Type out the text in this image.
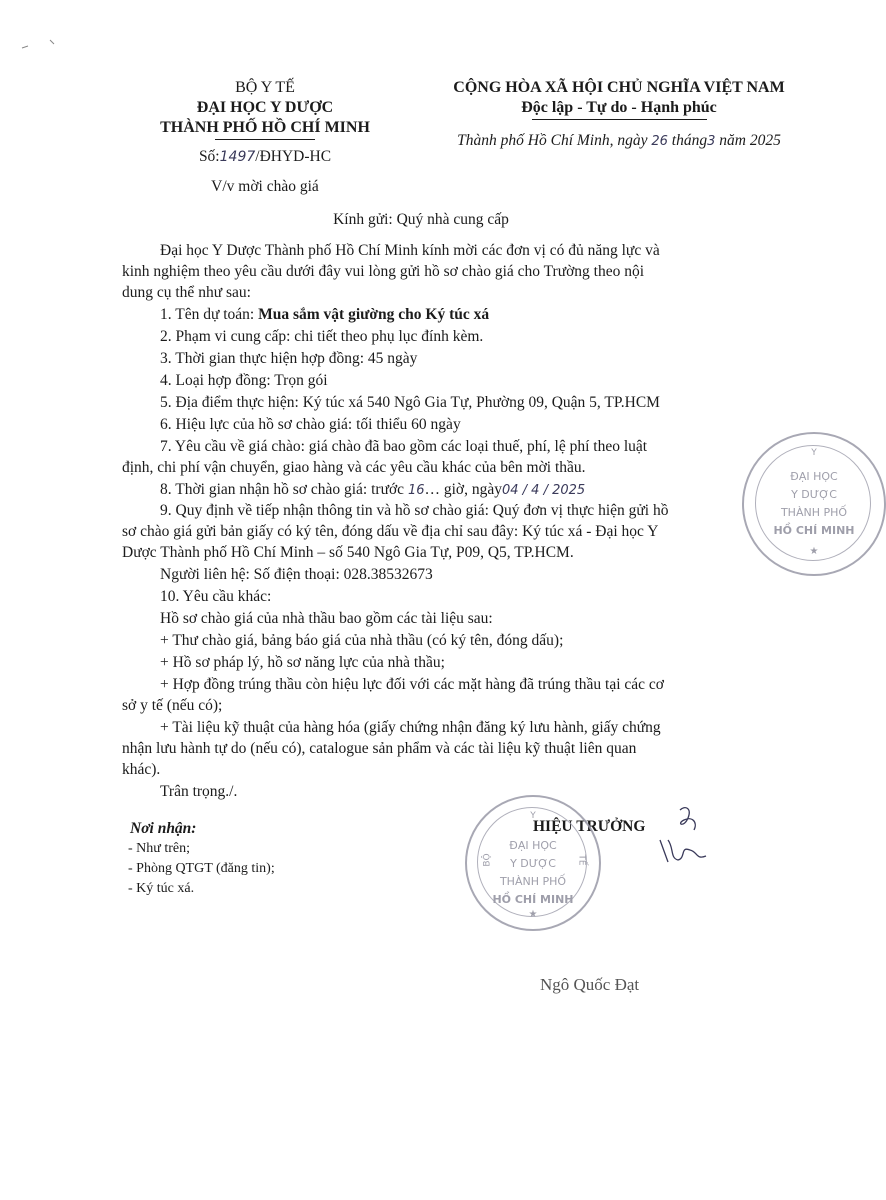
BỘ Y TẾ
ĐẠI HỌC Y DƯỢC
THÀNH PHỐ HỒ CHÍ MINH
Số:1497/ĐHYD-HC
V/v mời chào giá
CỘNG HÒA XÃ HỘI CHỦ NGHĨA VIỆT NAM
Độc lập - Tự do - Hạnh phúc
Thành phố Hồ Chí Minh, ngày 26 tháng3 năm 2025
Kính gửi: Quý nhà cung cấp
Đại học Y Dược Thành phố Hồ Chí Minh kính mời các đơn vị có đủ năng lực và
kinh nghiệm theo yêu cầu dưới đây vui lòng gửi hồ sơ chào giá cho Trường theo nội
dung cụ thể như sau:
1. Tên dự toán: Mua sắm vật giường cho Ký túc xá
2. Phạm vi cung cấp: chi tiết theo phụ lục đính kèm.
3. Thời gian thực hiện hợp đồng: 45 ngày
4. Loại hợp đồng: Trọn gói
5. Địa điểm thực hiện: Ký túc xá 540 Ngô Gia Tự, Phường 09, Quận 5, TP.HCM
6. Hiệu lực của hồ sơ chào giá: tối thiểu 60 ngày
7. Yêu cầu về giá chào: giá chào đã bao gồm các loại thuế, phí, lệ phí theo luật
định, chi phí vận chuyển, giao hàng và các yêu cầu khác của bên mời thầu.
8. Thời gian nhận hồ sơ chào giá: trước 16… giờ, ngày04 / 4 / 2025
9. Quy định về tiếp nhận thông tin và hồ sơ chào giá: Quý đơn vị thực hiện gửi hồ
sơ chào giá gửi bản giấy có ký tên, đóng dấu về địa chỉ sau đây: Ký túc xá - Đại học Y
Dược Thành phố Hồ Chí Minh – số 540 Ngô Gia Tự, P09, Q5, TP.HCM.
Người liên hệ: Số điện thoại: 028.38532673
10. Yêu cầu khác:
Hồ sơ chào giá của nhà thầu bao gồm các tài liệu sau:
+ Thư chào giá, bảng báo giá của nhà thầu (có ký tên, đóng dấu);
+ Hồ sơ pháp lý, hồ sơ năng lực của nhà thầu;
+ Hợp đồng trúng thầu còn hiệu lực đối với các mặt hàng đã trúng thầu tại các cơ
sở y tế (nếu có);
+ Tài liệu kỹ thuật của hàng hóa (giấy chứng nhận đăng ký lưu hành, giấy chứng
nhận lưu hành tự do (nếu có), catalogue sản phẩm và các tài liệu kỹ thuật liên quan
khác).
Trân trọng./.
Nơi nhận:
- Như trên;
- Phòng QTGT (đăng tin);
- Ký túc xá.
HIỆU TRƯỞNG
Ngô Quốc Đạt
Y
BỘ	TẾ
ĐẠI HỌC
Y DƯỢC
THÀNH PHỐ
HỒ CHÍ MINH
★
Y
ĐẠI HỌC
Y DƯỢC
THÀNH PHỐ
HỒ CHÍ MINH
★
